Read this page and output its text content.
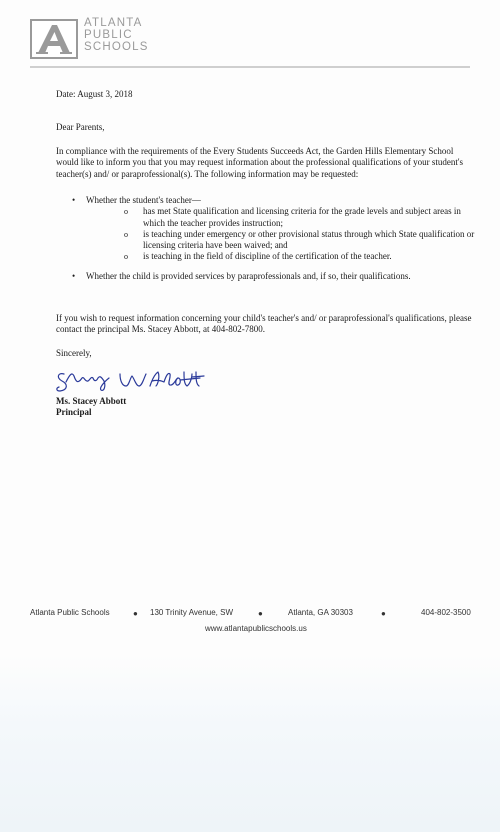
ATLANTA
PUBLIC
SCHOOLS
Date: August 3, 2018
Dear Parents,
In compliance with the requirements of the Every Students Succeeds Act, the Garden Hills Elementary School would like to inform you that you may request information about the professional qualifications of your student's teacher(s) and/ or paraprofessional(s). The following information may be requested:
• Whether the student's teacher—
o has met State qualification and licensing criteria for the grade levels and subject areas in which the teacher provides instruction;
o is teaching under emergency or other provisional status through which State qualification or licensing criteria have been waived; and
o is teaching in the field of discipline of the certification of the teacher.
• Whether the child is provided services by paraprofessionals and, if so, their qualifications.
If you wish to request information concerning your child's teacher's and/ or paraprofessional's qualifications, please contact the principal Ms. Stacey Abbott, at 404-802-7800.
Sincerely,
Ms. Stacey Abbott
Principal
Atlanta Public Schools	● 130 Trinity Avenue, SW	●	Atlanta, GA 30303	●	404-802-3500
www.atlantapublicschools.us
